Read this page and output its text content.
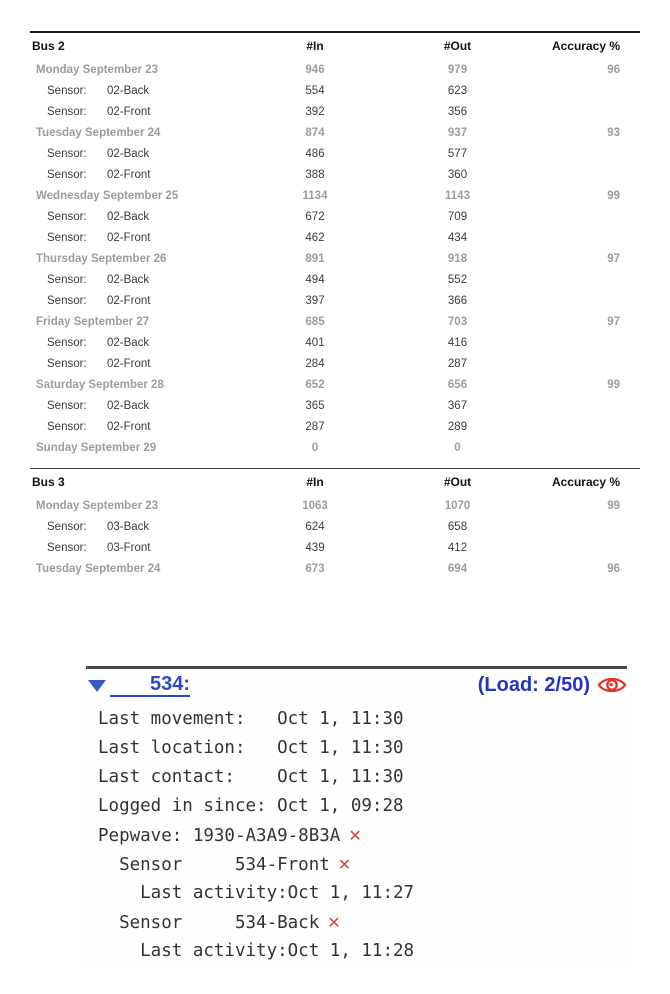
Bus 2	#In	#Out	Accuracy %
Monday September 23	946	979	96
Sensor: 02-Back	554	623
Sensor: 02-Front	392	356
Tuesday September 24	874	937	93
Sensor: 02-Back	486	577
Sensor: 02-Front	388	360
Wednesday September 25	1134	1143	99
Sensor: 02-Back	672	709
Sensor: 02-Front	462	434
Thursday September 26	891	918	97
Sensor: 02-Back	494	552
Sensor: 02-Front	397	366
Friday September 27	685	703	97
Sensor: 02-Back	401	416
Sensor: 02-Front	284	287
Saturday September 28	652	656	99
Sensor: 02-Back	365	367
Sensor: 02-Front	287	289
Sunday September 29	0	0
Bus 3	#In	#Out	Accuracy %
Monday September 23	1063	1070	99
Sensor: 03-Back	624	658
Sensor: 03-Front	439	412
Tuesday September 24	673	694	96
534:	(Load: 2/50)
Last movement:   Oct 1, 11:30
Last location:   Oct 1, 11:30
Last contact:    Oct 1, 11:30
Logged in since: Oct 1, 09:28
Pepwave: 1930-A3A9-8B3A ✕
Sensor     534-Front ✕
Last activity:Oct 1, 11:27
Sensor     534-Back ✕
Last activity:Oct 1, 11:28
